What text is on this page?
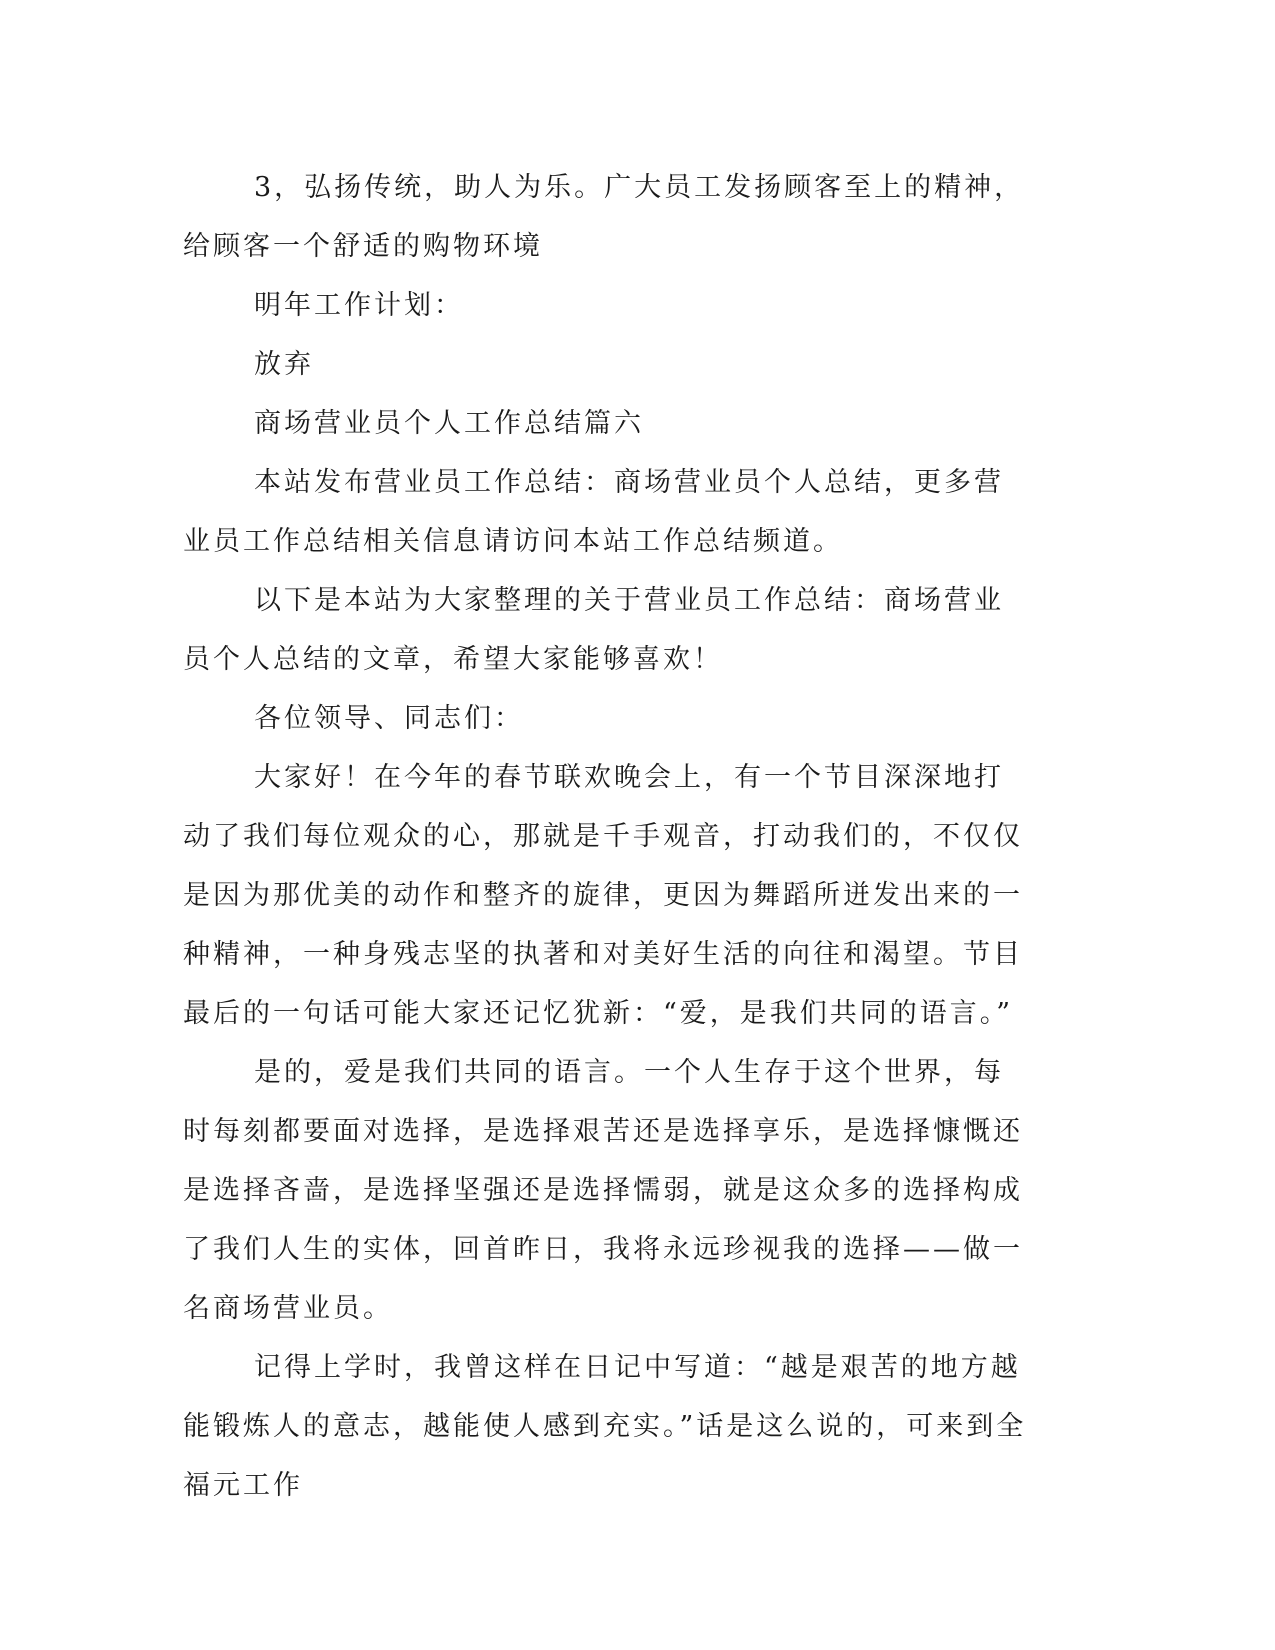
3，弘扬传统，助人为乐。广大员工发扬顾客至上的精神，给顾客一个舒适的购物环境

明年工作计划：

放弃

商场营业员个人工作总结篇六

本站发布营业员工作总结：商场营业员个人总结，更多营业员工作总结相关信息请访问本站工作总结频道。

以下是本站为大家整理的关于营业员工作总结：商场营业员个人总结的文章，希望大家能够喜欢！

各位领导、同志们：

大家好！在今年的春节联欢晚会上，有一个节目深深地打动了我们每位观众的心，那就是千手观音，打动我们的，不仅仅是因为那优美的动作和整齐的旋律，更因为舞蹈所迸发出来的一种精神，一种身残志坚的执著和对美好生活的向往和渴望。节目最后的一句话可能大家还记忆犹新：“爱，是我们共同的语言。”

是的，爱是我们共同的语言。一个人生存于这个世界，每时每刻都要面对选择，是选择艰苦还是选择享乐，是选择慷慨还是选择吝啬，是选择坚强还是选择懦弱，就是这众多的选择构成了我们人生的实体，回首昨日，我将永远珍视我的选择——做一名商场营业员。

记得上学时，我曾这样在日记中写道：“越是艰苦的地方越能锻炼人的意志，越能使人感到充实。”话是这么说的，可来到全福元工作
